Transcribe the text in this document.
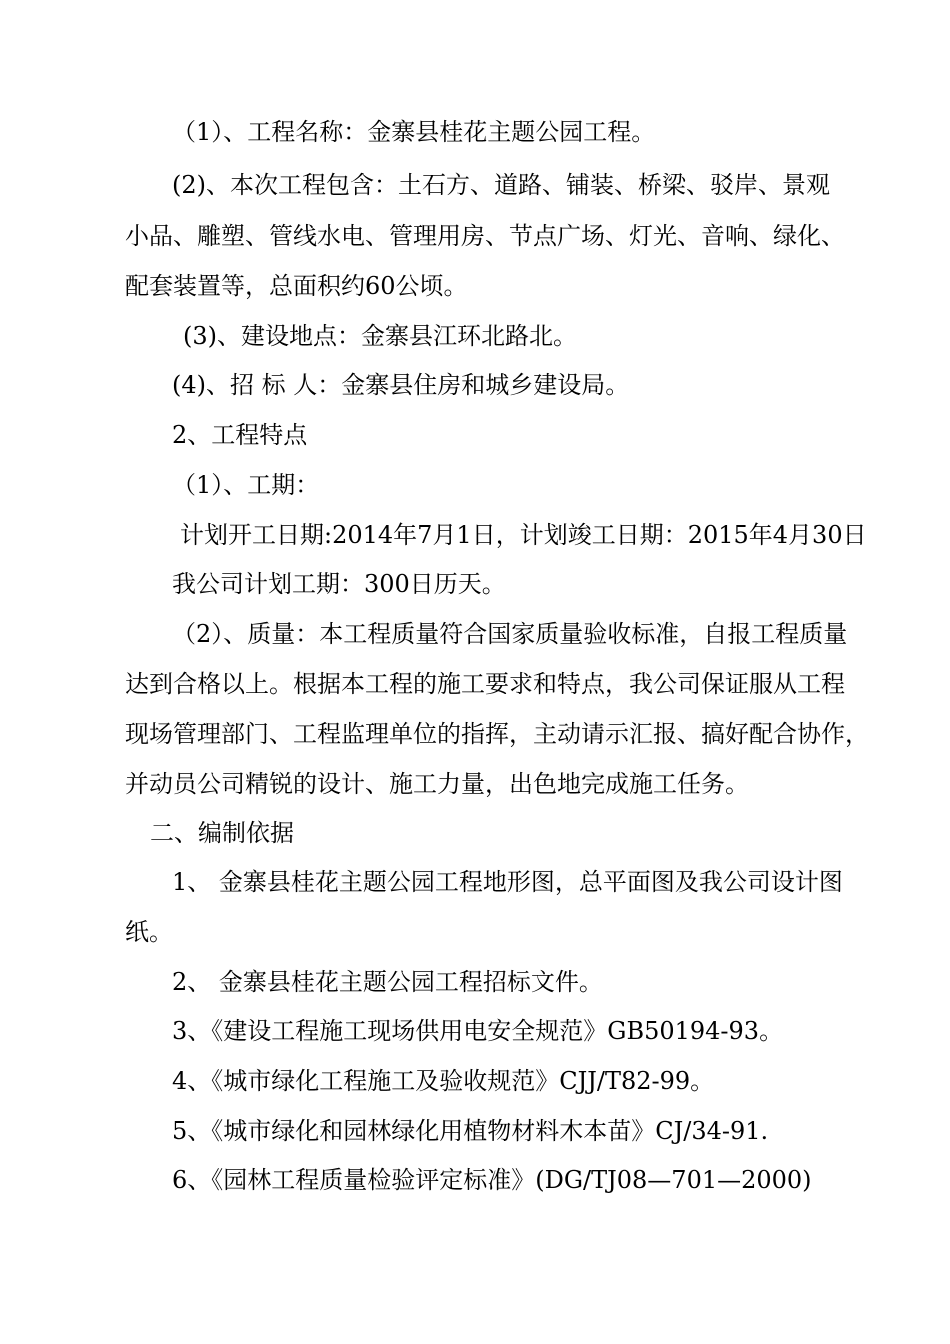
（1）、工程名称：金寨县桂花主题公园工程。
(2)、本次工程包含：土石方、道路、铺装、桥梁、驳岸、景观
小品、雕塑、管线水电、管理用房、节点广场、灯光、音响、绿化、
配套装置等，总面积约60公顷。
(3)、建设地点：金寨县江环北路北。
(4)、招 标 人：金寨县住房和城乡建设局。
2、工程特点
（1）、工期：
计划开工日期:2014年7月1日，计划竣工日期：2015年4月30日
我公司计划工期：300日历天。
（2）、质量：本工程质量符合国家质量验收标准，自报工程质量
达到合格以上。根据本工程的施工要求和特点，我公司保证服从工程
现场管理部门、工程监理单位的指挥，主动请示汇报、搞好配合协作，
并动员公司精锐的设计、施工力量，出色地完成施工任务。
二、编制依据
1、 金寨县桂花主题公园工程地形图，总平面图及我公司设计图
纸。
2、 金寨县桂花主题公园工程招标文件。
3、《建设工程施工现场供用电安全规范》GB50194-93。
4、《城市绿化工程施工及验收规范》CJJ/T82-99。
5、《城市绿化和园林绿化用植物材料木本苗》CJ/34-91.
6、《园林工程质量检验评定标准》(DG/TJ08—701—2000)
